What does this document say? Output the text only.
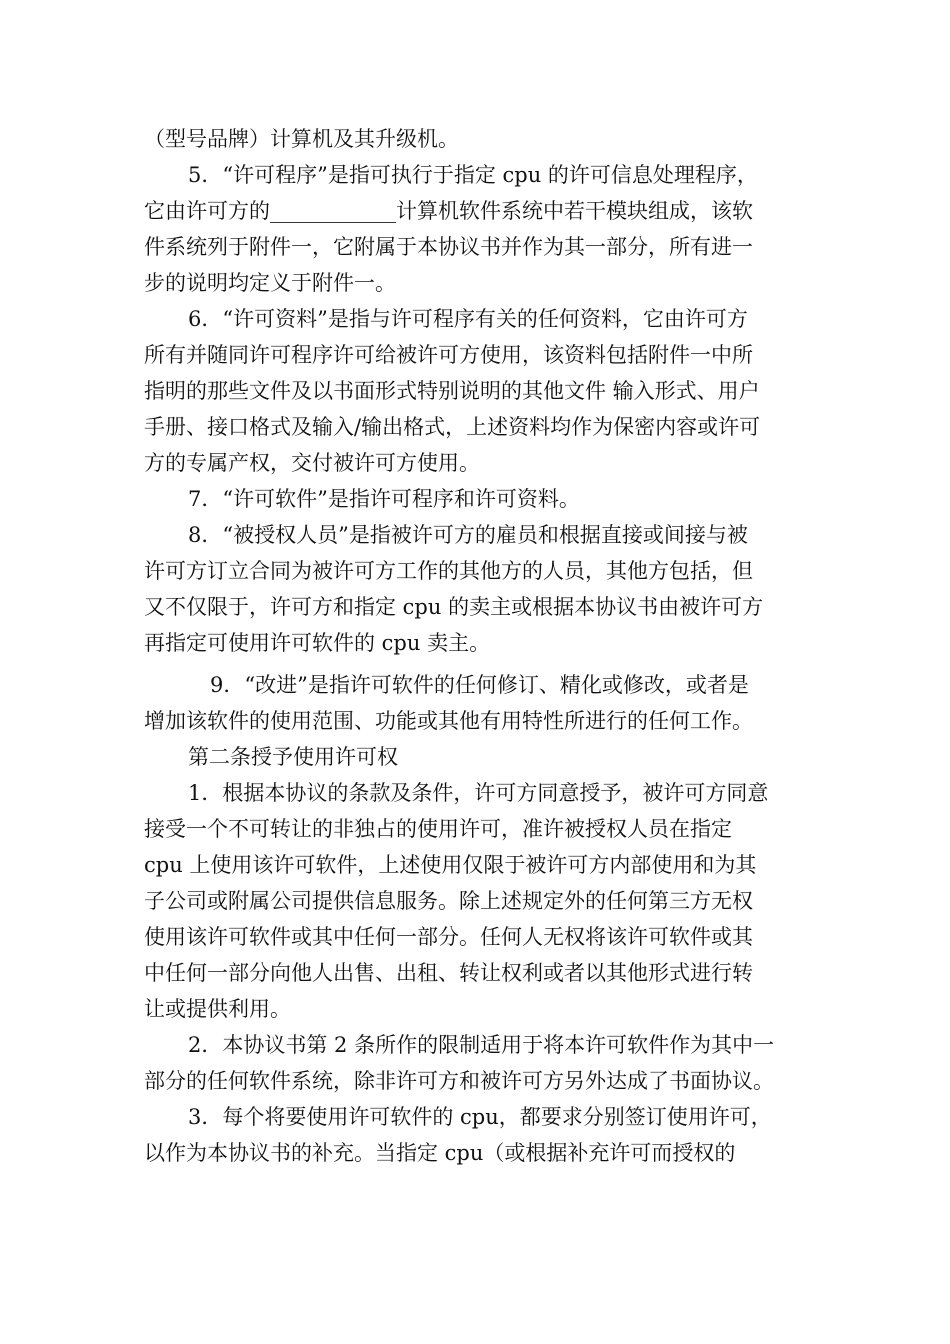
（型号品牌）计算机及其升级机。
5．“许可程序”是指可执行于指定 cpu 的许可信息处理程序，
它由许可方的____________计算机软件系统中若干模块组成，该软
件系统列于附件一，它附属于本协议书并作为其一部分，所有进一
步的说明均定义于附件一。
6．“许可资料”是指与许可程序有关的任何资料，它由许可方
所有并随同许可程序许可给被许可方使用，该资料包括附件一中所
指明的那些文件及以书面形式特别说明的其他文件 输入形式、用户
手册、接口格式及输入/输出格式，上述资料均作为保密内容或许可
方的专属产权，交付被许可方使用。
7．“许可软件”是指许可程序和许可资料。
8．“被授权人员”是指被许可方的雇员和根据直接或间接与被
许可方订立合同为被许可方工作的其他方的人员，其他方包括，但
又不仅限于，许可方和指定 cpu 的卖主或根据本协议书由被许可方
再指定可使用许可软件的 cpu 卖主。
9．“改进”是指许可软件的任何修订、精化或修改，或者是
增加该软件的使用范围、功能或其他有用特性所进行的任何工作。
第二条授予使用许可权
1．根据本协议的条款及条件，许可方同意授予，被许可方同意
接受一个不可转让的非独占的使用许可，准许被授权人员在指定
cpu 上使用该许可软件，上述使用仅限于被许可方内部使用和为其
子公司或附属公司提供信息服务。除上述规定外的任何第三方无权
使用该许可软件或其中任何一部分。任何人无权将该许可软件或其
中任何一部分向他人出售、出租、转让权利或者以其他形式进行转
让或提供利用。
2．本协议书第 2 条所作的限制适用于将本许可软件作为其中一
部分的任何软件系统，除非许可方和被许可方另外达成了书面协议。
3．每个将要使用许可软件的 cpu，都要求分别签订使用许可，
以作为本协议书的补充。当指定 cpu（或根据补充许可而授权的
